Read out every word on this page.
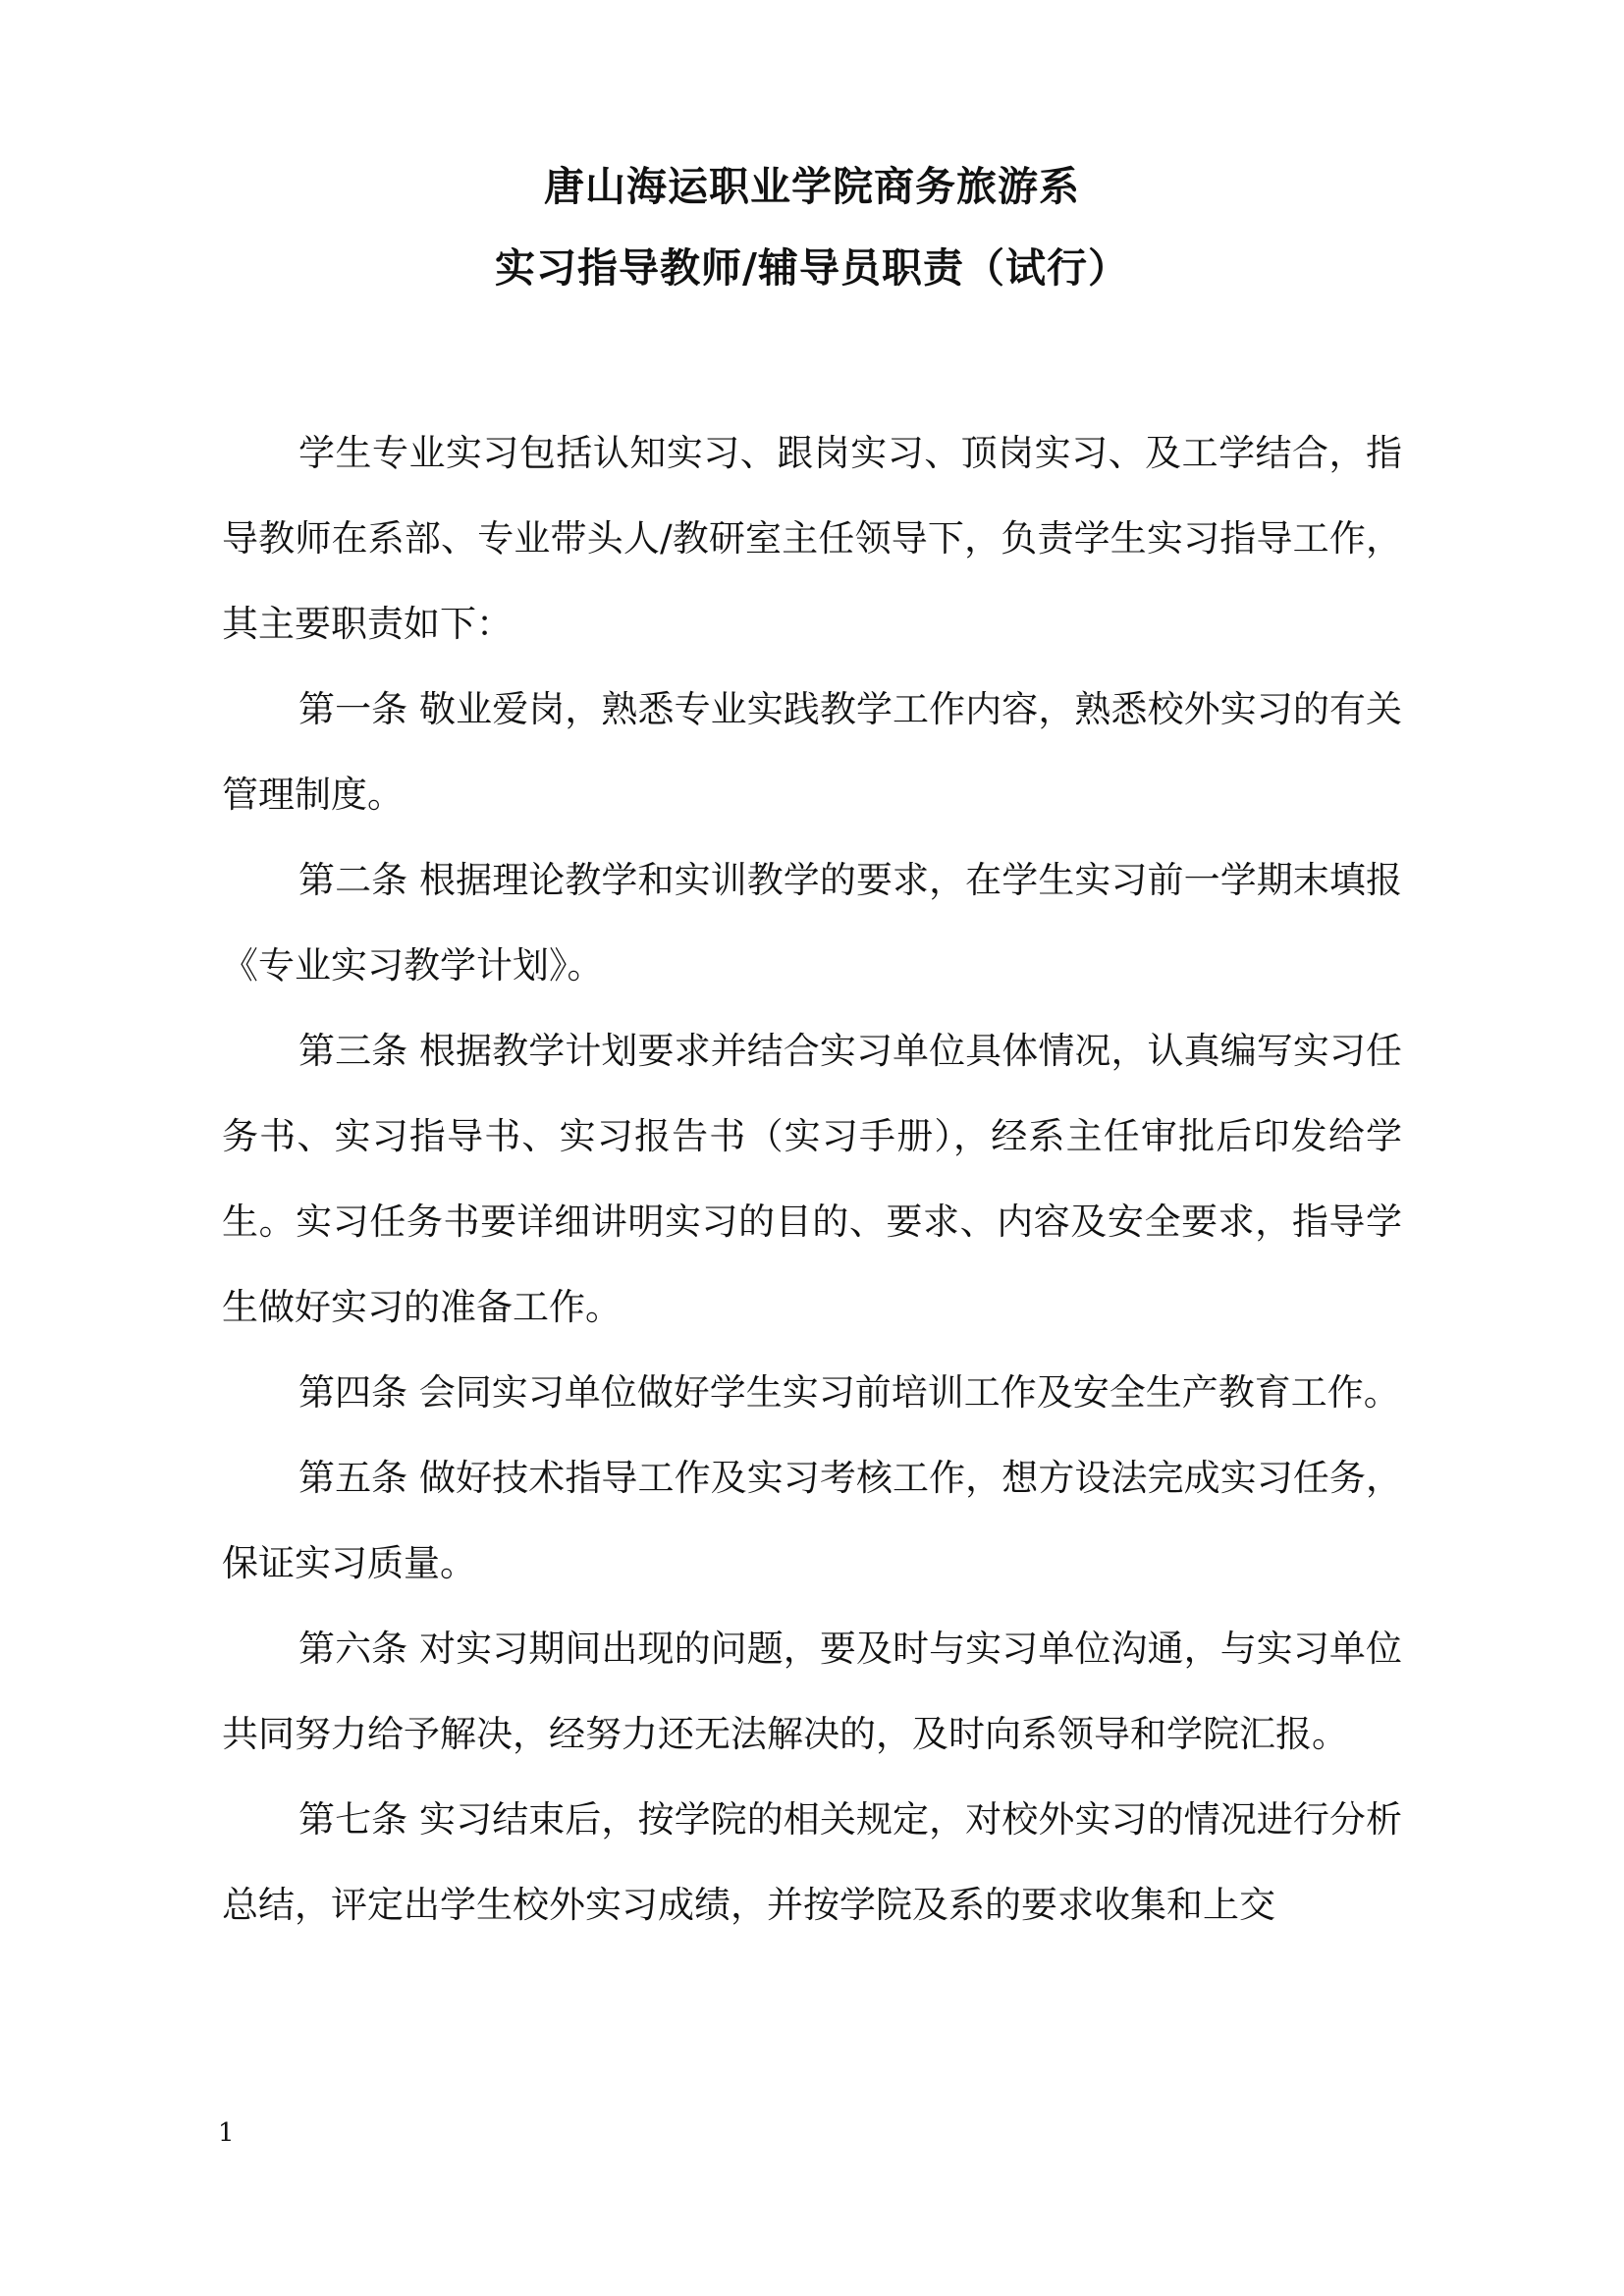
唐山海运职业学院商务旅游系
实习指导教师/辅导员职责（试行）

学生专业实习包括认知实习、跟岗实习、顶岗实习、及工学结合，指导教师在系部、专业带头人/教研室主任领导下，负责学生实习指导工作，其主要职责如下：

第一条 敬业爱岗，熟悉专业实践教学工作内容，熟悉校外实习的有关管理制度。

第二条 根据理论教学和实训教学的要求，在学生实习前一学期末填报《专业实习教学计划》。

第三条 根据教学计划要求并结合实习单位具体情况，认真编写实习任务书、实习指导书、实习报告书（实习手册），经系主任审批后印发给学生。实习任务书要详细讲明实习的目的、要求、内容及安全要求，指导学生做好实习的准备工作。

第四条 会同实习单位做好学生实习前培训工作及安全生产教育工作。

第五条 做好技术指导工作及实习考核工作，想方设法完成实习任务，保证实习质量。

第六条 对实习期间出现的问题，要及时与实习单位沟通，与实习单位共同努力给予解决，经努力还无法解决的，及时向系领导和学院汇报。

第七条 实习结束后，按学院的相关规定，对校外实习的情况进行分析总结，评定出学生校外实习成绩，并按学院及系的要求收集和上交

1
